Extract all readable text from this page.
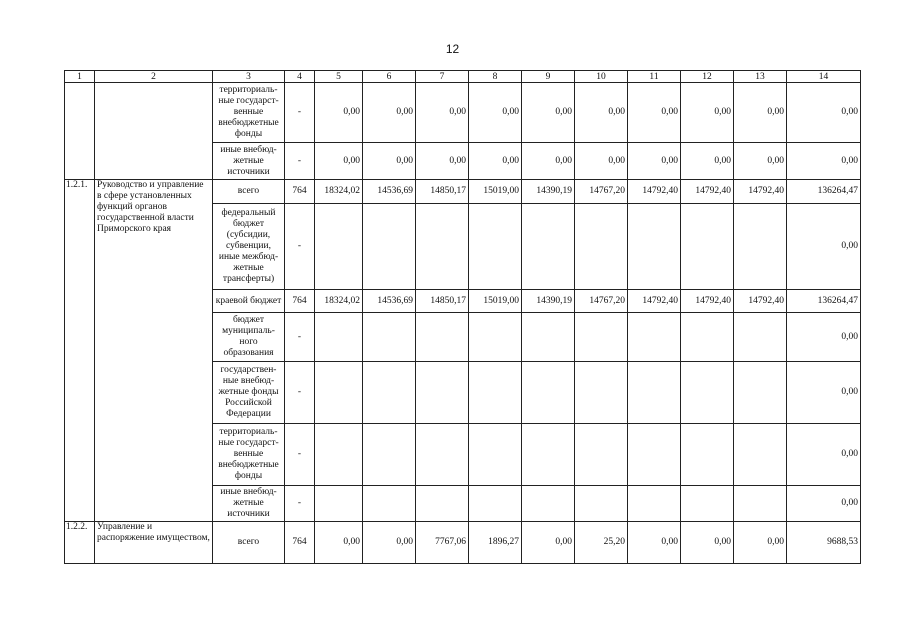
12
1	2	3	4	5	6	7	8	9	10	11	12	13	14
		территориаль-ные государст-венные внебюджетные фонды	-	0,00	0,00	0,00	0,00	0,00	0,00	0,00	0,00	0,00	0,00
		иные внебюд-жетные источники	-	0,00	0,00	0,00	0,00	0,00	0,00	0,00	0,00	0,00	0,00
1.2.1.	Руководство и управление в сфере установленных функций органов государственной власти Приморского края	всего	764	18324,02	14536,69	14850,17	15019,00	14390,19	14767,20	14792,40	14792,40	14792,40	136264,47
		федеральный бюджет (субсидии, субвенции, иные межбюд-жетные трансферты)	-										0,00
		краевой бюджет	764	18324,02	14536,69	14850,17	15019,00	14390,19	14767,20	14792,40	14792,40	14792,40	136264,47
		бюджет муниципаль-ного образования	-										0,00
		государствен-ные внебюд-жетные фонды Российской Федерации	-										0,00
		территориаль-ные государст-венные внебюджетные фонды	-										0,00
		иные внебюд-жетные источники	-										0,00
1.2.2.	Управление и распоряжение имуществом,	всего	764	0,00	0,00	7767,06	1896,27	0,00	25,20	0,00	0,00	0,00	9688,53
